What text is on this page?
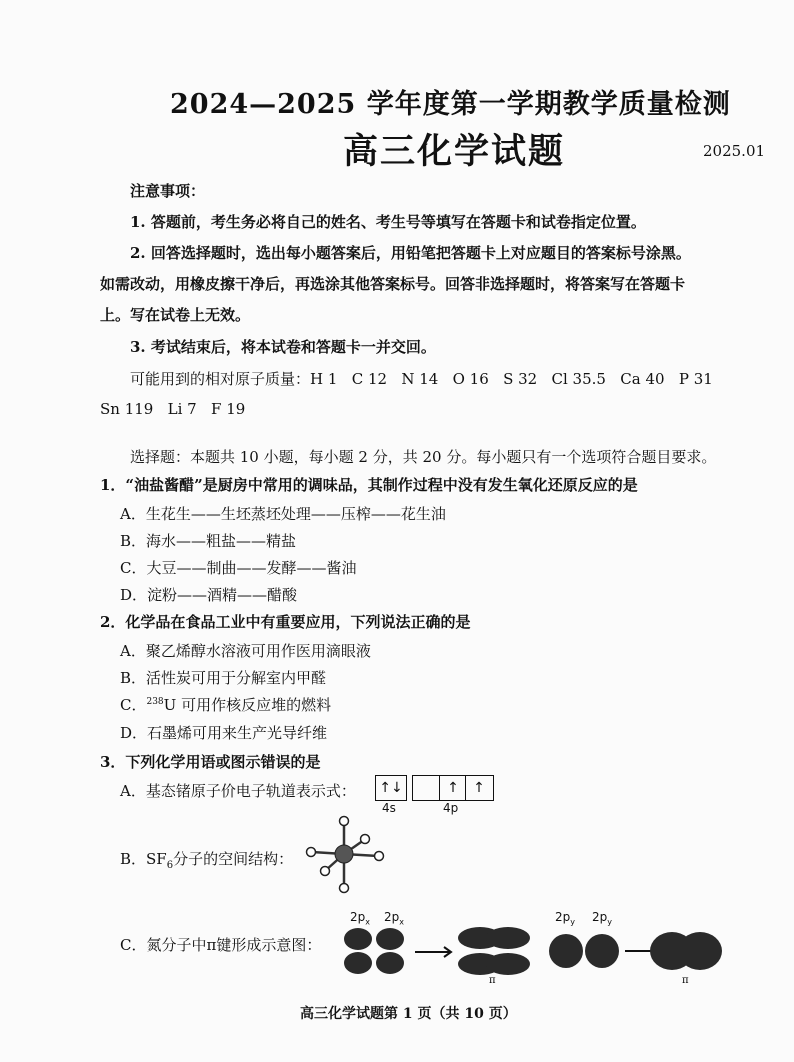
2024—2025 学年度第一学期教学质量检测
高三化学试题	2025.01
注意事项：
1. 答题前，考生务必将自己的姓名、考生号等填写在答题卡和试卷指定位置。
2. 回答选择题时，选出每小题答案后，用铅笔把答题卡上对应题目的答案标号涂黑。
如需改动，用橡皮擦干净后，再选涂其他答案标号。回答非选择题时，将答案写在答题卡
上。写在试卷上无效。
3. 考试结束后，将本试卷和答题卡一并交回。
可能用到的相对原子质量：H 1   C 12   N 14   O 16   S 32   Cl 35.5   Ca 40   P 31
Sn 119   Li 7   F 19
选择题：本题共 10 小题，每小题 2 分，共 20 分。每小题只有一个选项符合题目要求。
1．“油盐酱醋”是厨房中常用的调味品，其制作过程中没有发生氧化还原反应的是
A．生花生——生坯蒸坯处理——压榨——花生油
B．海水——粗盐——精盐
C．大豆——制曲——发酵——酱油
D．淀粉——酒精——醋酸
2．化学品在食品工业中有重要应用，下列说法正确的是
A．聚乙烯醇水溶液可用作医用滴眼液
B．活性炭可用于分解室内甲醛
C．$^{238}$U 可用作核反应堆的燃料
D．石墨烯可用来生产光导纤维
3．下列化学用语或图示错误的是
A．基态锗原子价电子轨道表示式： ↑↓	↑	↑
4s	4p
B．$SF_6$分子的空间结构：
C．氮分子中π键形成示意图：
$2p_x$ $2p_x$	$2p_y$ $2p_y$
π	π
高三化学试题第 1 页（共 10 页）
